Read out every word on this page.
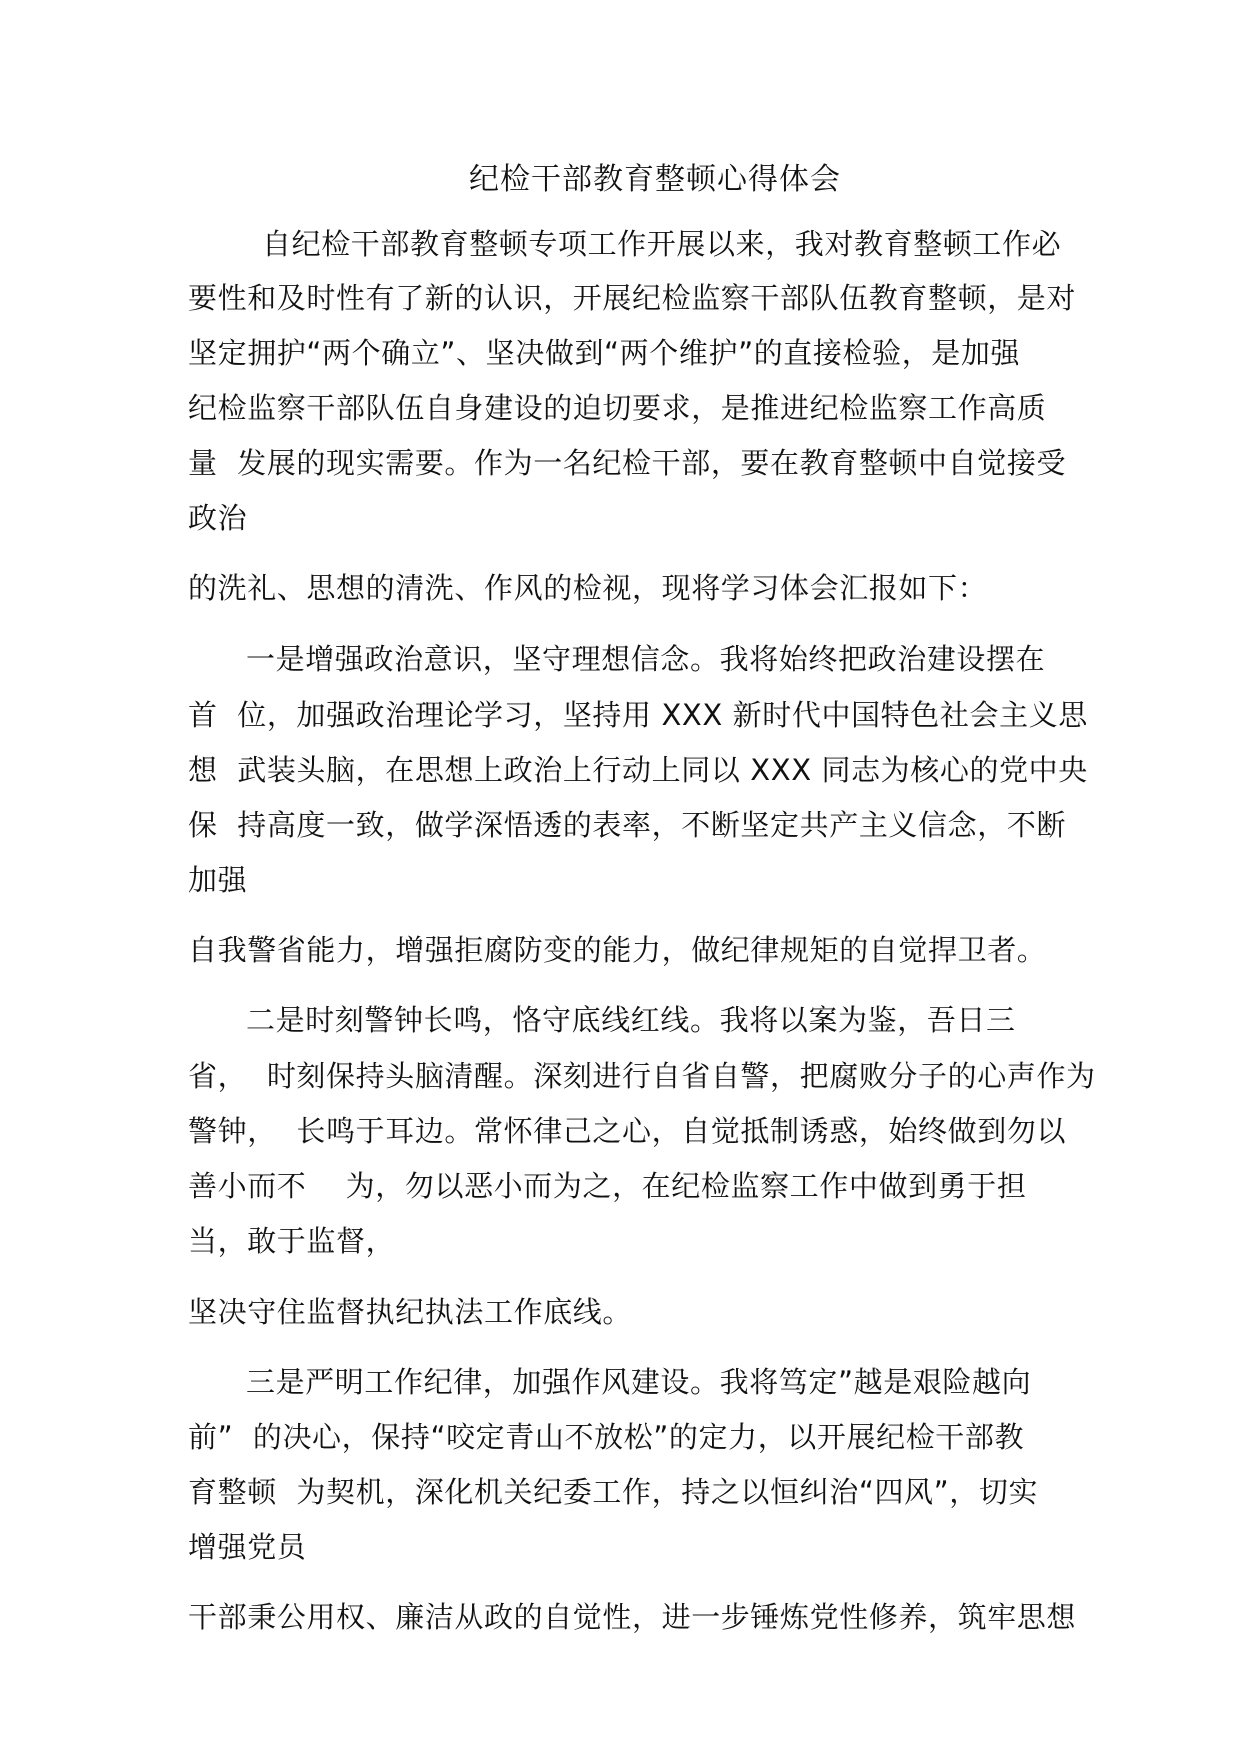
纪检干部教育整顿心得体会
自纪检干部教育整顿专项工作开展以来，我对教育整顿工作必
要性和及时性有了新的认识，开展纪检监察干部队伍教育整顿，是对
坚定拥护“两个确立”、坚决做到“两个维护”的直接检验，是加强
纪检监察干部队伍自身建设的迫切要求，是推进纪检监察工作高质
量  发展的现实需要。作为一名纪检干部，要在教育整顿中自觉接受
政治
的洗礼、思想的清洗、作风的检视，现将学习体会汇报如下：
一是增强政治意识，坚守理想信念。我将始终把政治建设摆在
首  位，加强政治理论学习，坚持用 XXX 新时代中国特色社会主义思
想  武装头脑，在思想上政治上行动上同以 XXX 同志为核心的党中央
保  持高度一致，做学深悟透的表率，不断坚定共产主义信念，不断
加强
自我警省能力，增强拒腐防变的能力，做纪律规矩的自觉捍卫者。
二是时刻警钟长鸣，恪守底线红线。我将以案为鉴，吾日三
省，  时刻保持头脑清醒。深刻进行自省自警，把腐败分子的心声作为
警钟，  长鸣于耳边。常怀律己之心，自觉抵制诱惑，始终做到勿以
善小而不    为，勿以恶小而为之，在纪检监察工作中做到勇于担
当，敢于监督，
坚决守住监督执纪执法工作底线。
三是严明工作纪律，加强作风建设。我将笃定”越是艰险越向
前”  的决心，保持“咬定青山不放松”的定力，以开展纪检干部教
育整顿  为契机，深化机关纪委工作，持之以恒纠治“四风”，切实
增强党员
干部秉公用权、廉洁从政的自觉性，进一步锤炼党性修养，筑牢思想
